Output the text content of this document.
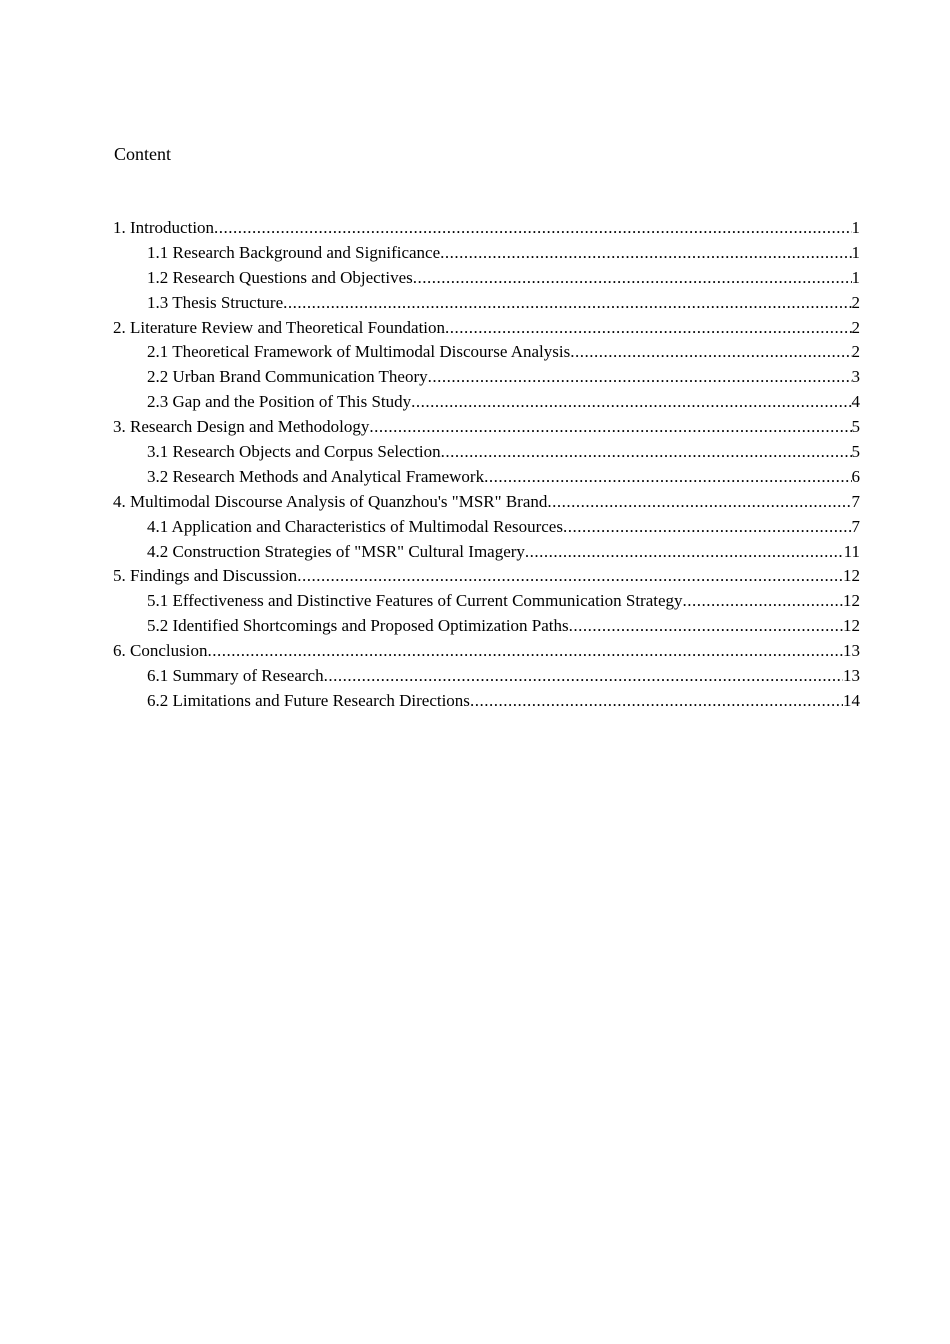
Content
1. Introduction .....	1
1.1 Research Background and Significance .....	1
1.2 Research Questions and Objectives .....	1
1.3 Thesis Structure .....	2
2. Literature Review and Theoretical Foundation .....	2
2.1 Theoretical Framework of Multimodal Discourse Analysis .....	2
2.2 Urban Brand Communication Theory .....	3
2.3 Gap and the Position of This Study .....	4
3. Research Design and Methodology .....	5
3.1 Research Objects and Corpus Selection .....	5
3.2 Research Methods and Analytical Framework .....	6
4. Multimodal Discourse Analysis of Quanzhou's "MSR" Brand .....	7
4.1 Application and Characteristics of Multimodal Resources .....	7
4.2 Construction Strategies of "MSR" Cultural Imagery .....	11
5. Findings and Discussion .....	12
5.1 Effectiveness and Distinctive Features of Current Communication Strategy .....	12
5.2 Identified Shortcomings and Proposed Optimization Paths .....	12
6. Conclusion .....	13
6.1 Summary of Research .....	13
6.2 Limitations and Future Research Directions .....	14
